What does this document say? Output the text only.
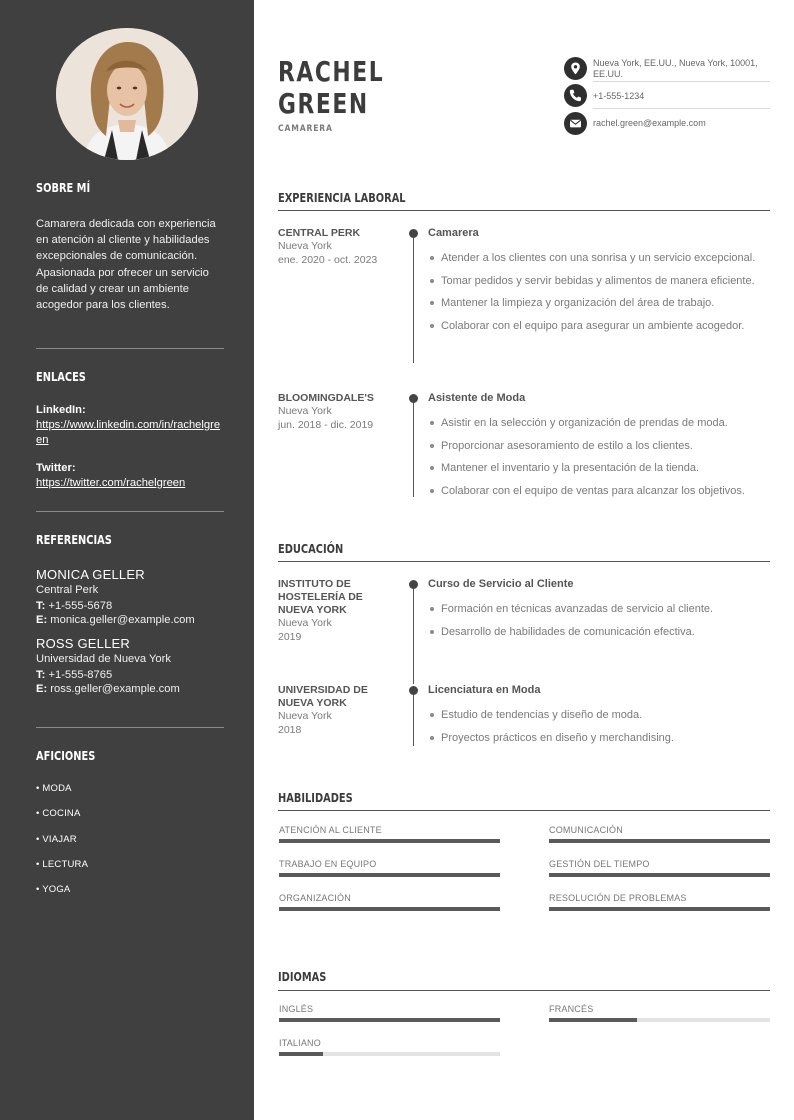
SOBRE MÍ
Camarera dedicada con experiencia en atención al cliente y habilidades excepcionales de comunicación. Apasionada por ofrecer un servicio de calidad y crear un ambiente acogedor para los clientes.
ENLACES
LinkedIn:
https://www.linkedin.com/in/rachelgreen
Twitter:
https://twitter.com/rachelgreen
REFERENCIAS
MONICA GELLER
Central Perk
T: +1-555-5678
E: monica.geller@example.com
ROSS GELLER
Universidad de Nueva York
T: +1-555-8765
E: ross.geller@example.com
AFICIONES
• MODA
• COCINA
• VIAJAR
• LECTURA
• YOGA
RACHEL
GREEN
CAMARERA
Nueva York, EE.UU., Nueva York, 10001, EE.UU.
+1-555-1234
rachel.green@example.com
EXPERIENCIA LABORAL
CENTRAL PERK
Nueva York
ene. 2020 - oct. 2023
Camarera
Atender a los clientes con una sonrisa y un servicio excepcional.
Tomar pedidos y servir bebidas y alimentos de manera eficiente.
Mantener la limpieza y organización del área de trabajo.
Colaborar con el equipo para asegurar un ambiente acogedor.
BLOOMINGDALE'S
Nueva York
jun. 2018 - dic. 2019
Asistente de Moda
Asistir en la selección y organización de prendas de moda.
Proporcionar asesoramiento de estilo a los clientes.
Mantener el inventario y la presentación de la tienda.
Colaborar con el equipo de ventas para alcanzar los objetivos.
EDUCACIÓN
INSTITUTO DE HOSTELERÍA DE NUEVA YORK
Nueva York
2019
Curso de Servicio al Cliente
Formación en técnicas avanzadas de servicio al cliente.
Desarrollo de habilidades de comunicación efectiva.
UNIVERSIDAD DE NUEVA YORK
Nueva York
2018
Licenciatura en Moda
Estudio de tendencias y diseño de moda.
Proyectos prácticos en diseño y merchandising.
HABILIDADES
ATENCIÓN AL CLIENTE	COMUNICACIÓN
TRABAJO EN EQUIPO	GESTIÓN DEL TIEMPO
ORGANIZACIÓN	RESOLUCIÓN DE PROBLEMAS
IDIOMAS
INGLÉS	FRANCÉS
ITALIANO
